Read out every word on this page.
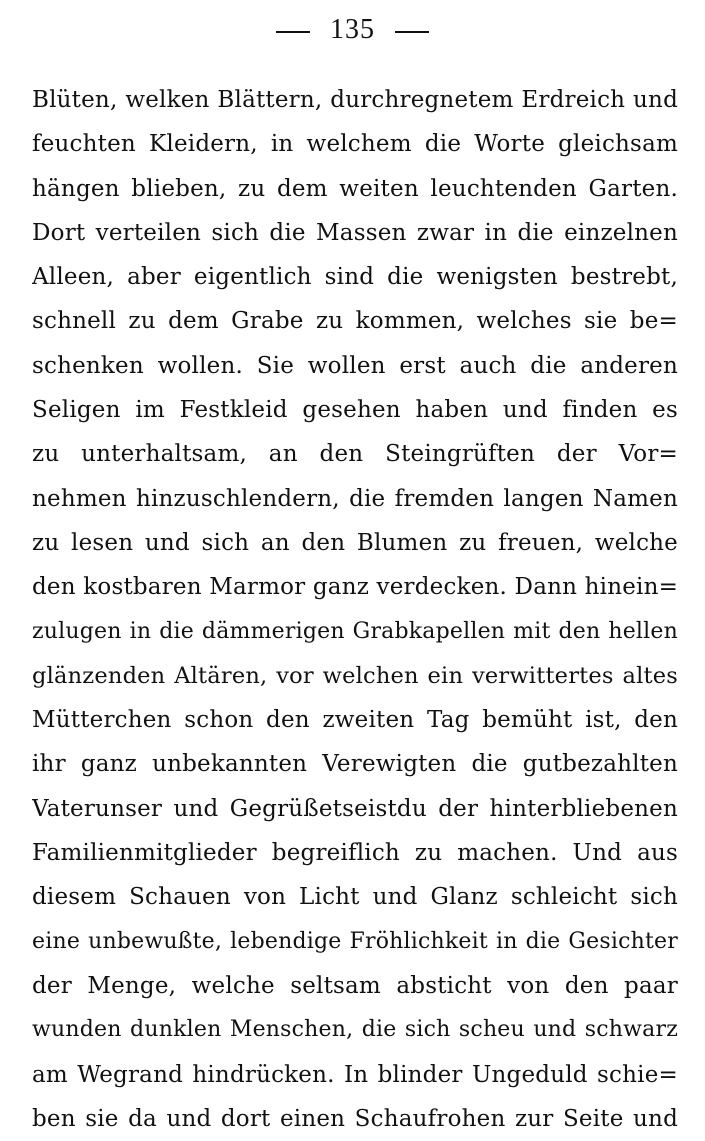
135
Blüten, welken Blättern, durchregnetem Erdreich und
feuchten Kleidern, in welchem die Worte gleichsam
hängen blieben, zu dem weiten leuchtenden Garten.
Dort verteilen sich die Massen zwar in die einzelnen
Alleen, aber eigentlich sind die wenigsten bestrebt,
schnell zu dem Grabe zu kommen, welches sie be=
schenken wollen. Sie wollen erst auch die anderen
Seligen im Festkleid gesehen haben und finden es
zu unterhaltsam, an den Steingrüften der Vor=
nehmen hinzuschlendern, die fremden langen Namen
zu lesen und sich an den Blumen zu freuen, welche
den kostbaren Marmor ganz verdecken. Dann hinein=
zulugen in die dämmerigen Grabkapellen mit den hellen
glänzenden Altären, vor welchen ein verwittertes altes
Mütterchen schon den zweiten Tag bemüht ist, den
ihr ganz unbekannten Verewigten die gutbezahlten
Vaterunser und Gegrüßetseistdu der hinterbliebenen
Familienmitglieder begreiflich zu machen. Und aus
diesem Schauen von Licht und Glanz schleicht sich
eine unbewußte, lebendige Fröhlichkeit in die Gesichter
der Menge, welche seltsam absticht von den paar
wunden dunklen Menschen, die sich scheu und schwarz
am Wegrand hindrücken. In blinder Ungeduld schie=
ben sie da und dort einen Schaufrohen zur Seite und
